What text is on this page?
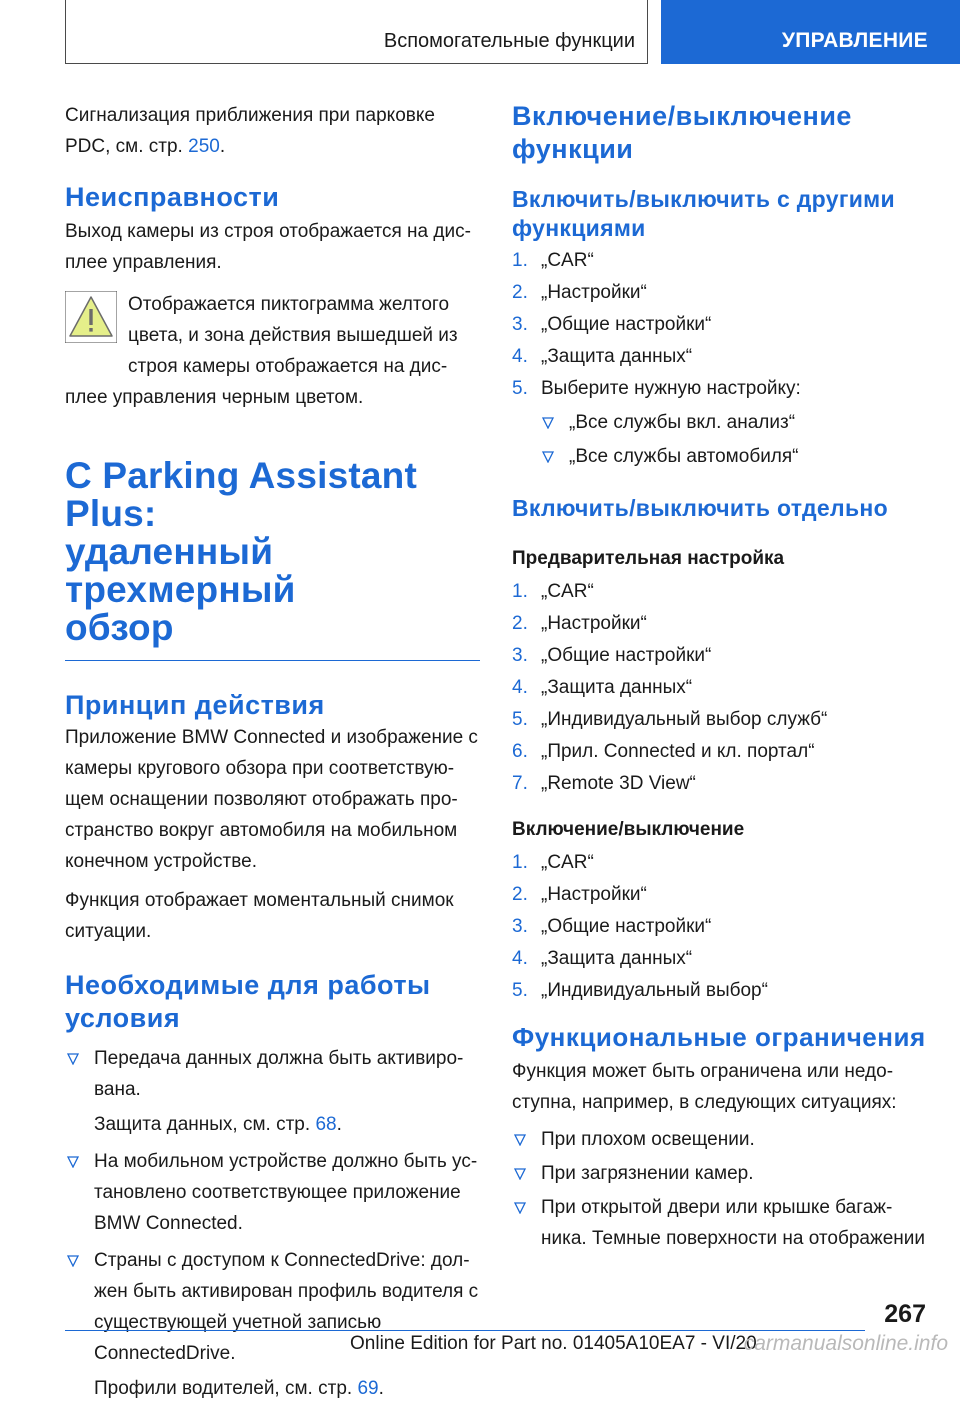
Вспомогательные функции	УПРАВЛЕНИЕ

Сигнализация приближения при парковке PDC, см. стр. 250.

Неисправности

Выход камеры из строя отображается на дис-плее управления.

Отображается пиктограмма желтого

цвета, и зона действия вышедшей из

строя камеры отображается на дис-

плее управления черным цветом.

С Parking Assistant Plus:
удаленный трехмерный
обзор
Принцип действия

Приложение BMW Connected и изображение с камеры кругового обзора при соответствую-щем оснащении позволяют отображать про-странство вокруг автомобиля на мобильном конечном устройстве.

Функция отображает моментальный снимок ситуации.

Необходимые для работы
условия
Передача данных должна быть активиро-вана.

Защита данных, см. стр. 68.

На мобильном устройстве должно быть ус-тановлено соответствующее приложение BMW Connected.
Страны с доступом к ConnectedDrive: дол-жен быть активирован профиль водителя с существующей учетной записью ConnectedDrive.

Профили водителей, см. стр. 69.

Включение/выключение
функции
Включить/выключить с другими
функциями
1. „CAR“
2. „Настройки“
3. „Общие настройки“
4. „Защита данных“
5. Выберите нужную настройку:
„Все службы вкл. анализ“
„Все службы автомобиля“
Включить/выключить отдельно
Предварительная настройка
1. „CAR“
2. „Настройки“
3. „Общие настройки“
4. „Защита данных“
5. „Индивидуальный выбор служб“
6. „Прил. Connected и кл. портал“
7. „Remote 3D View“
Включение/выключение
1. „CAR“
2. „Настройки“
3. „Общие настройки“
4. „Защита данных“
5. „Индивидуальный выбор“
Функциональные ограничения

Функция может быть ограничена или недо-ступна, например, в следующих ситуациях:

При плохом освещении.
При загрязнении камер.
При открытой двери или крышке багаж-ника. Темные поверхности на отображении
267
Online Edition for Part no. 01405A10EA7 - VI/20
carmanualsonline.info
